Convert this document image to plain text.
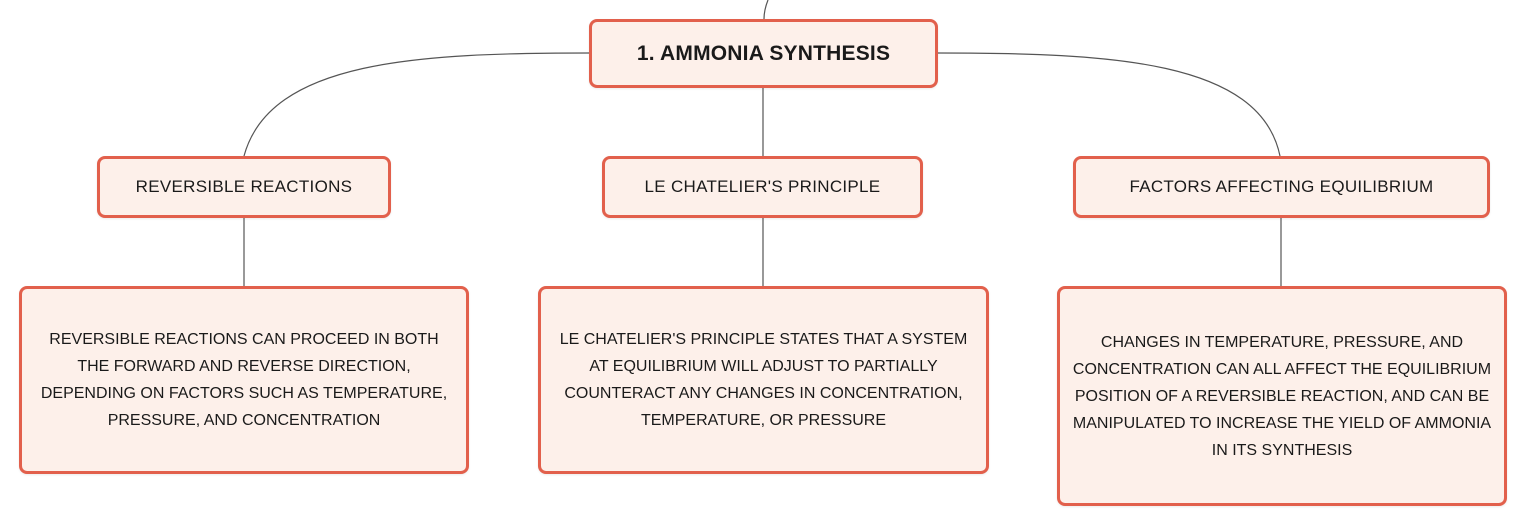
1. AMMONIA SYNTHESIS
REVERSIBLE REACTIONS	LE CHATELIER'S PRINCIPLE	FACTORS AFFECTING EQUILIBRIUM
REVERSIBLE REACTIONS CAN PROCEED IN BOTH THE FORWARD AND REVERSE DIRECTION, DEPENDING ON FACTORS SUCH AS TEMPERATURE, PRESSURE, AND CONCENTRATION
LE CHATELIER'S PRINCIPLE STATES THAT A SYSTEM AT EQUILIBRIUM WILL ADJUST TO PARTIALLY COUNTERACT ANY CHANGES IN CONCENTRATION, TEMPERATURE, OR PRESSURE
CHANGES IN TEMPERATURE, PRESSURE, AND CONCENTRATION CAN ALL AFFECT THE EQUILIBRIUM POSITION OF A REVERSIBLE REACTION, AND CAN BE MANIPULATED TO INCREASE THE YIELD OF AMMONIA IN ITS SYNTHESIS
